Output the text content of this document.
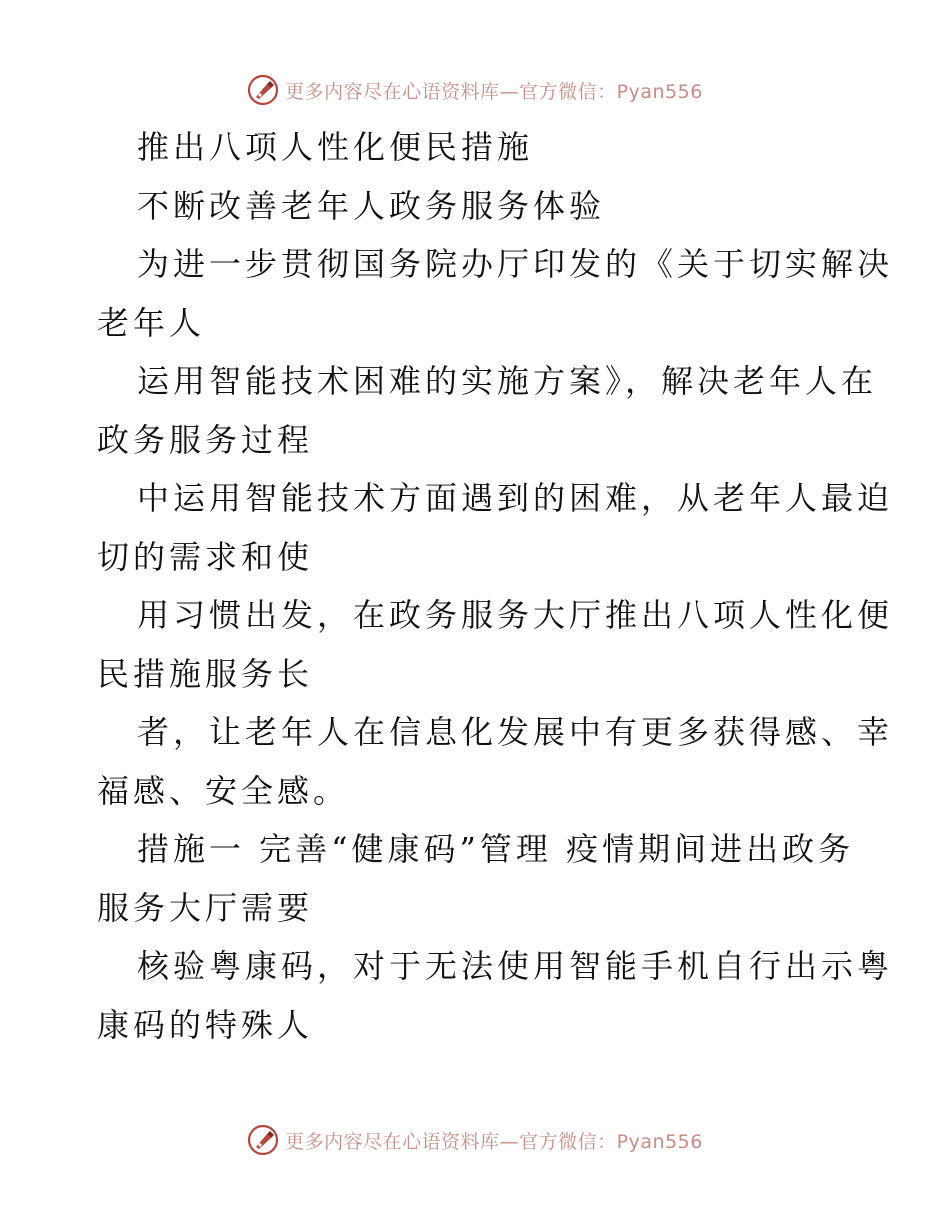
更多内容尽在心语资料库—官方微信：Pyan556
推出八项人性化便民措施
不断改善老年人政务服务体验
为进一步贯彻国务院办厅印发的《关于切实解决
老年人
运用智能技术困难的实施方案》，解决老年人在
政务服务过程
中运用智能技术方面遇到的困难，从老年人最迫
切的需求和使
用习惯出发，在政务服务大厅推出八项人性化便
民措施服务长
者，让老年人在信息化发展中有更多获得感、幸
福感、安全感。
措施一 完善“健康码”管理 疫情期间进出政务
服务大厅需要
核验粤康码，对于无法使用智能手机自行出示粤
康码的特殊人
更多内容尽在心语资料库—官方微信：Pyan556
